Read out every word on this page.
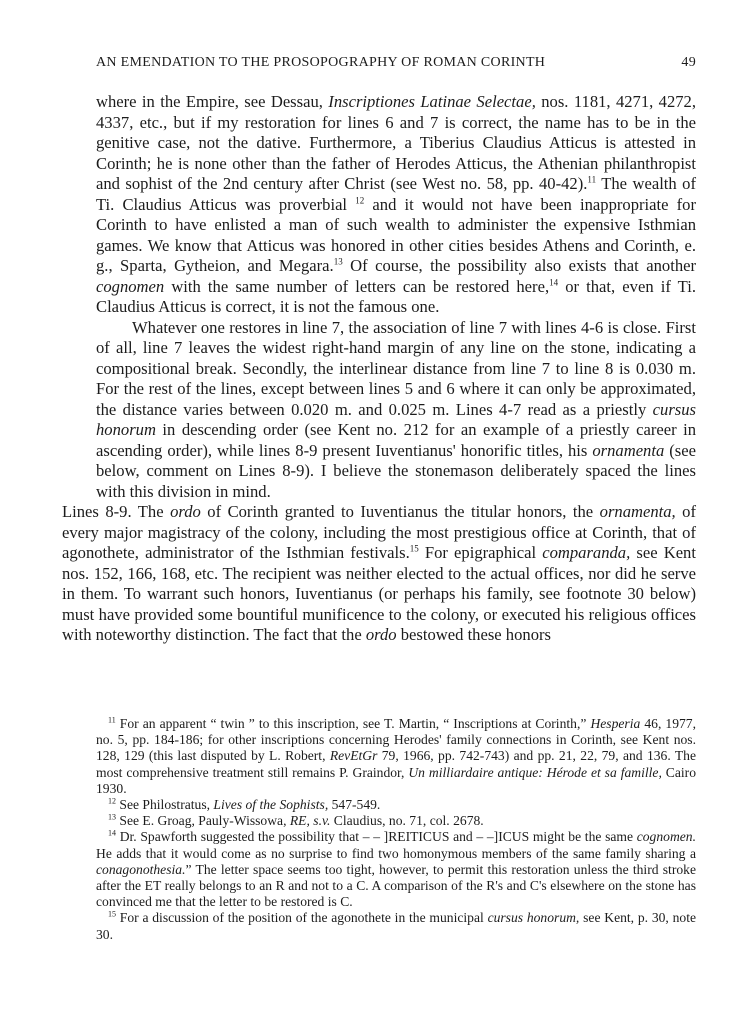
AN EMENDATION TO THE PROSOPOGRAPHY OF ROMAN CORINTH	49

where in the Empire, see Dessau, Inscriptiones Latinae Selectae, nos. 1181, 4271, 4272, 4337, etc., but if my restoration for lines 6 and 7 is correct, the name has to be in the genitive case, not the dative. Furthermore, a Tiberius Claudius Atticus is attested in Corinth; he is none other than the father of Herodes Atticus, the Athenian philanthropist and sophist of the 2nd century after Christ (see West no. 58, pp. 40-42).$^{11}$ The wealth of Ti. Claudius Atticus was proverbial $^{12}$ and it would not have been inappropriate for Corinth to have enlisted a man of such wealth to administer the expensive Isthmian games. We know that Atticus was honored in other cities besides Athens and Corinth, e. g., Sparta, Gytheion, and Megara.$^{13}$ Of course, the possibility also exists that another cognomen with the same number of letters can be restored here,$^{14}$ or that, even if Ti. Claudius Atticus is correct, it is not the famous one.

Whatever one restores in line 7, the association of line 7 with lines 4-6 is close. First of all, line 7 leaves the widest right-hand margin of any line on the stone, indicating a compositional break. Secondly, the interlinear distance from line 7 to line 8 is 0.030 m. For the rest of the lines, except between lines 5 and 6 where it can only be approximated, the distance varies between 0.020 m. and 0.025 m. Lines 4-7 read as a priestly cursus honorum in descending order (see Kent no. 212 for an example of a priestly career in ascending order), while lines 8-9 present Iuventianus' honorific titles, his ornamenta (see below, comment on Lines 8-9). I believe the stonemason deliberately spaced the lines with this division in mind.

Lines 8-9. The ordo of Corinth granted to Iuventianus the titular honors, the ornamenta, of every major magistracy of the colony, including the most prestigious office at Corinth, that of agonothete, administrator of the Isthmian festivals.$^{15}$ For epigraphical comparanda, see Kent nos. 152, 166, 168, etc. The recipient was neither elected to the actual offices, nor did he serve in them. To warrant such honors, Iuventianus (or perhaps his family, see footnote 30 below) must have provided some bountiful munificence to the colony, or executed his religious offices with noteworthy distinction. The fact that the ordo bestowed these honors

$^{11}$ For an apparent “ twin ” to this inscription, see T. Martin, “ Inscriptions at Corinth,” Hesperia 46, 1977, no. 5, pp. 184-186; for other inscriptions concerning Herodes' family connections in Corinth, see Kent nos. 128, 129 (this last disputed by L. Robert, RevEtGr 79, 1966, pp. 742-743) and pp. 21, 22, 79, and 136. The most comprehensive treatment still remains P. Graindor, Un milliardaire antique: Hérode et sa famille, Cairo 1930.

$^{12}$ See Philostratus, Lives of the Sophists, 547-549.

$^{13}$ See E. Groag, Pauly-Wissowa, RE, s.v. Claudius, no. 71, col. 2678.

$^{14}$ Dr. Spawforth suggested the possibility that – – ]REITICUS and – –]ICUS might be the same cognomen. He adds that it would come as no surprise to find two homonymous members of the same family sharing a conagonothesia.” The letter space seems too tight, however, to permit this restoration unless the third stroke after the ET really belongs to an R and not to a C. A comparison of the R's and C's elsewhere on the stone has convinced me that the letter to be restored is C.

$^{15}$ For a discussion of the position of the agonothete in the municipal cursus honorum, see Kent, p. 30, note 30.
